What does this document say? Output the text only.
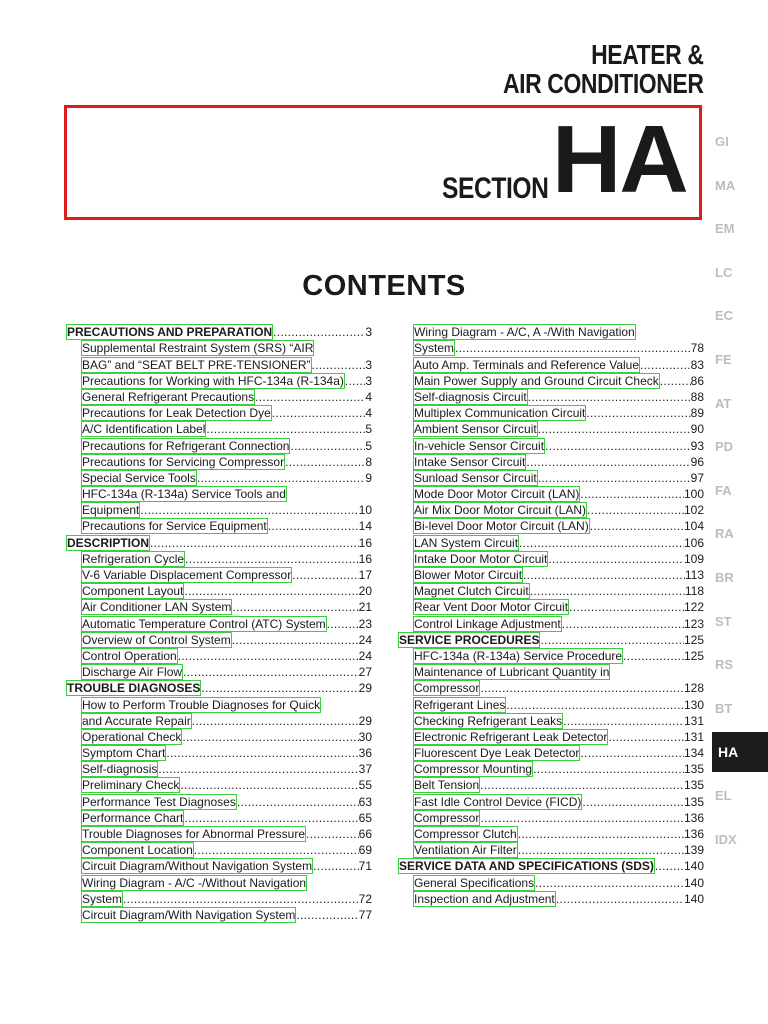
HEATER &
AIR CONDITIONER
SECTION HA
CONTENTS
PRECAUTIONS AND PREPARATION .....	3
Supplemental Restraint System (SRS) “AIR
BAG” and “SEAT BELT PRE-TENSIONER” .....	3
Precautions for Working with HFC-134a (R-134a) ..... 3
General Refrigerant Precautions .....	4
Precautions for Leak Detection Dye .....	4
A/C Identification Label .....	5
Precautions for Refrigerant Connection .....	5
Precautions for Servicing Compressor .....	8
Special Service Tools .....	9
HFC-134a (R-134a) Service Tools and
Equipment .....	10
Precautions for Service Equipment .....	14
DESCRIPTION .....	16
Refrigeration Cycle .....	16
V-6 Variable Displacement Compressor .....	17
Component Layout .....	20
Air Conditioner LAN System .....	21
Automatic Temperature Control (ATC) System .....	23
Overview of Control System .....	24
Control Operation .....	24
Discharge Air Flow .....	27
TROUBLE DIAGNOSES .....	29
How to Perform Trouble Diagnoses for Quick
and Accurate Repair .....	29
Operational Check .....	30
Symptom Chart .....	36
Self-diagnosis .....	37
Preliminary Check .....	55
Performance Test Diagnoses .....	63
Performance Chart .....	65
Trouble Diagnoses for Abnormal Pressure .....	66
Component Location .....	69
Circuit Diagram/Without Navigation System .....	71
Wiring Diagram - A/C -/Without Navigation
System .....	72
Circuit Diagram/With Navigation System .....	77
Wiring Diagram - A/C, A -/With Navigation
System .....	78
Auto Amp. Terminals and Reference Value .....	83
Main Power Supply and Ground Circuit Check .....	86
Self-diagnosis Circuit .....	88
Multiplex Communication Circuit .....	89
Ambient Sensor Circuit .....	90
In-vehicle Sensor Circuit .....	93
Intake Sensor Circuit .....	96
Sunload Sensor Circuit .....	97
Mode Door Motor Circuit (LAN) .....	100
Air Mix Door Motor Circuit (LAN) .....	102
Bi-level Door Motor Circuit (LAN) .....	104
LAN System Circuit .....	106
Intake Door Motor Circuit .....	109
Blower Motor Circuit .....	113
Magnet Clutch Circuit .....	118
Rear Vent Door Motor Circuit .....	122
Control Linkage Adjustment .....	123
SERVICE PROCEDURES .....	125
HFC-134a (R-134a) Service Procedure .....	125
Maintenance of Lubricant Quantity in
Compressor .....	128
Refrigerant Lines .....	130
Checking Refrigerant Leaks .....	131
Electronic Refrigerant Leak Detector .....	131
Fluorescent Dye Leak Detector .....	134
Compressor Mounting .....	135
Belt Tension .....	135
Fast Idle Control Device (FICD) .....	135
Compressor .....	136
Compressor Clutch .....	136
Ventilation Air Filter .....	139
SERVICE DATA AND SPECIFICATIONS (SDS) .....	140
General Specifications .....	140
Inspection and Adjustment .....	140
GI
MA
EM
LC
EC
FE
AT
PD
FA
RA
BR
ST
RS
BT
HA
EL
IDX
